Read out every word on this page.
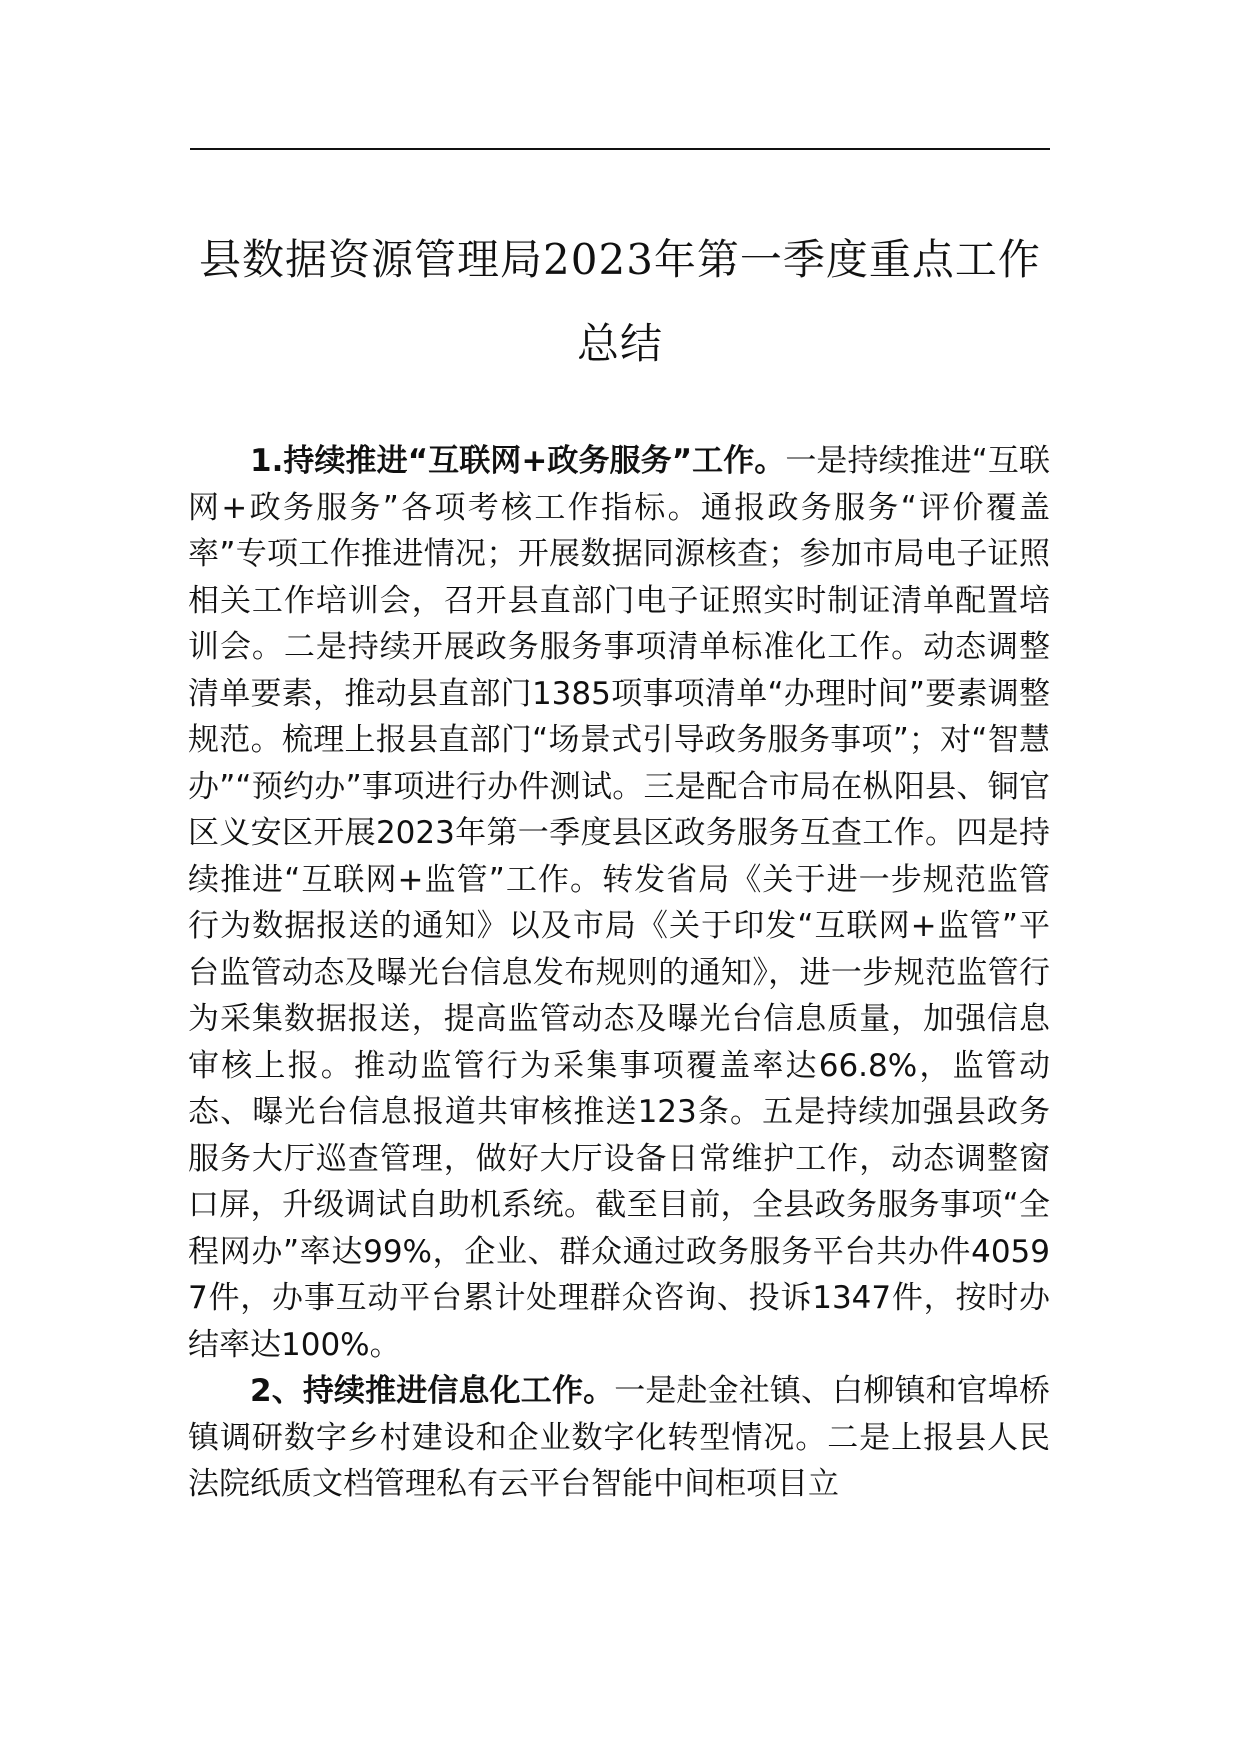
县数据资源管理局2023年第一季度重点工作总结

1.持续推进“互联网+政务服务”工作。一是持续推进“互联网+政务服务”各项考核工作指标。通报政务服务“评价覆盖率”专项工作推进情况；开展数据同源核查；参加市局电子证照相关工作培训会，召开县直部门电子证照实时制证清单配置培训会。二是持续开展政务服务事项清单标准化工作。动态调整清单要素，推动县直部门1385项事项清单“办理时间”要素调整规范。梳理上报县直部门“场景式引导政务服务事项”；对“智慧办”“预约办”事项进行办件测试。三是配合市局在枞阳县、铜官区义安区开展2023年第一季度县区政务服务互查工作。四是持续推进“互联网+监管”工作。转发省局《关于进一步规范监管行为数据报送的通知》以及市局《关于印发“互联网+监管”平台监管动态及曝光台信息发布规则的通知》，进一步规范监管行为采集数据报送，提高监管动态及曝光台信息质量，加强信息审核上报。推动监管行为采集事项覆盖率达66.8%，监管动态、曝光台信息报道共审核推送123条。五是持续加强县政务服务大厅巡查管理，做好大厅设备日常维护工作，动态调整窗口屏，升级调试自助机系统。截至目前，全县政务服务事项“全程网办”率达99%，企业、群众通过政务服务平台共办件40597件，办事互动平台累计处理群众咨询、投诉1347件，按时办结率达100%。

2、持续推进信息化工作。一是赴金社镇、白柳镇和官埠桥镇调研数字乡村建设和企业数字化转型情况。二是上报县人民法院纸质文档管理私有云平台智能中间柜项目立
